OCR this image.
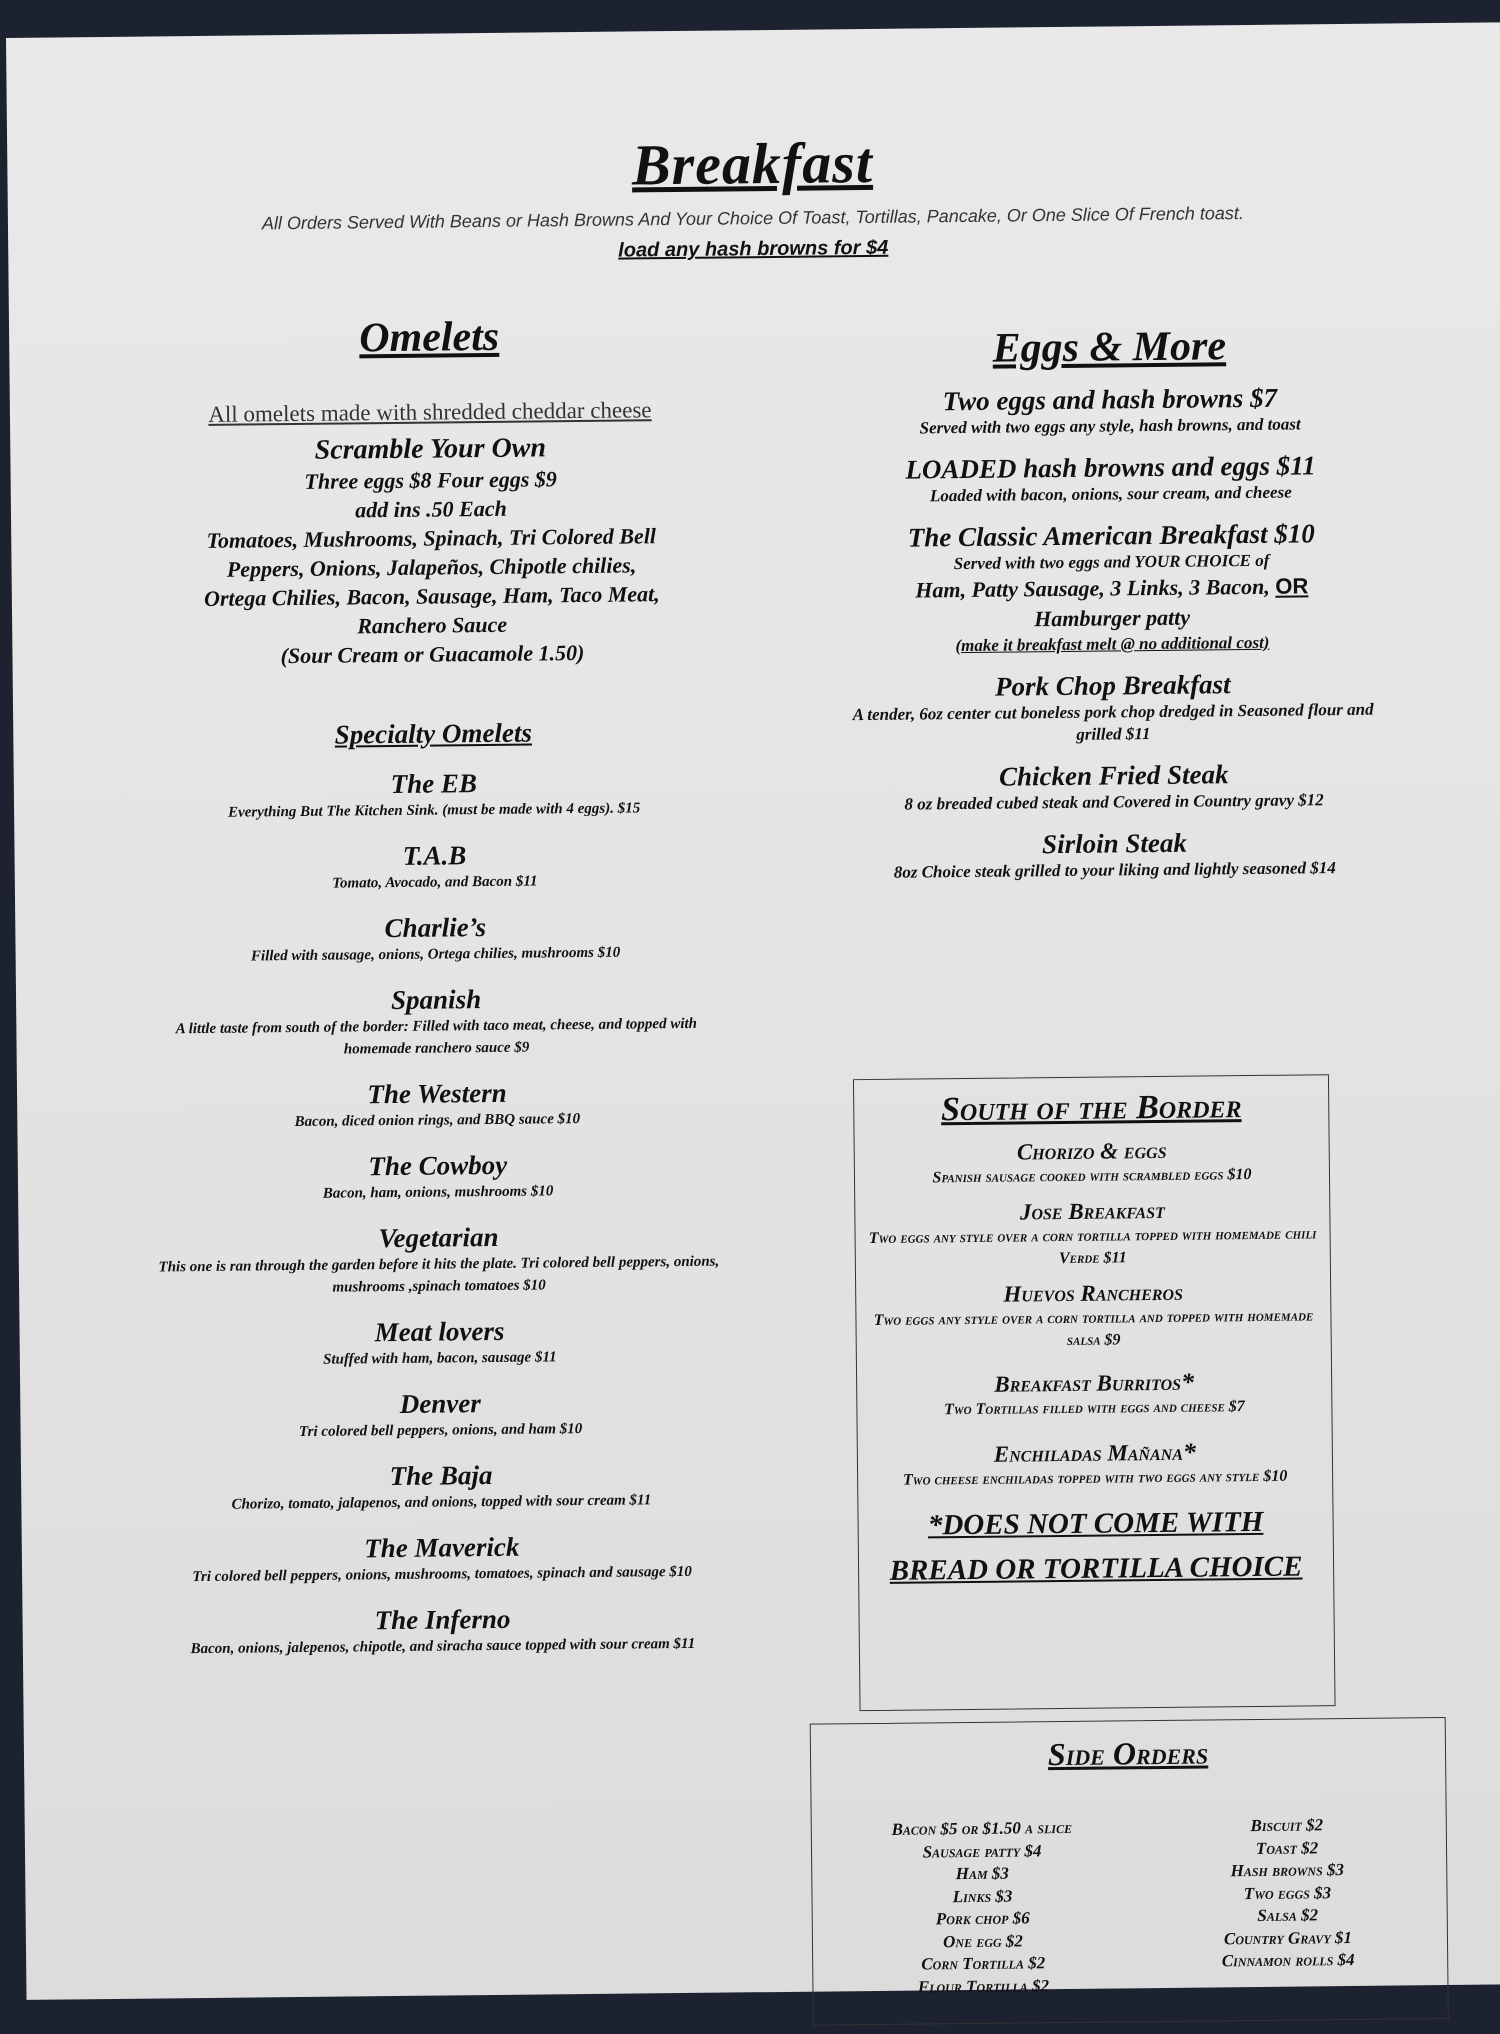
Breakfast
All Orders Served With Beans or Hash Browns And Your Choice Of Toast, Tortillas, Pancake, Or One Slice Of French toast.
load any hash browns for $4
Omelets
All omelets made with shredded cheddar cheese
Scramble Your Own
Three eggs $8 Four eggs $9
add ins .50 Each
Tomatoes, Mushrooms, Spinach, Tri Colored Bell
Peppers, Onions, Jalapeños, Chipotle chilies,
Ortega Chilies, Bacon, Sausage, Ham, Taco Meat,
Ranchero Sauce
(Sour Cream or Guacamole 1.50)
Specialty Omelets
The EB
Everything But The Kitchen Sink. (must be made with 4 eggs). $15
T.A.B
Tomato, Avocado, and Bacon $11
Charlie’s
Filled with sausage, onions, Ortega chilies, mushrooms $10
Spanish
A little taste from south of the border: Filled with taco meat, cheese, and topped with homemade ranchero sauce $9
The Western
Bacon, diced onion rings, and BBQ sauce $10
The Cowboy
Bacon, ham, onions, mushrooms $10
Vegetarian
This one is ran through the garden before it hits the plate. Tri colored bell peppers, onions, mushrooms ,spinach tomatoes $10
Meat lovers
Stuffed with ham, bacon, sausage $11
Denver
Tri colored bell peppers, onions, and ham $10
The Baja
Chorizo, tomato, jalapenos, and onions, topped with sour cream $11
The Maverick
Tri colored bell peppers, onions, mushrooms, tomatoes, spinach and sausage $10
The Inferno
Bacon, onions, jalepenos, chipotle, and siracha sauce topped with sour cream $11
Eggs & More
Two eggs and hash browns $7
Served with two eggs any style, hash browns, and toast
LOADED hash browns and eggs $11
Loaded with bacon, onions, sour cream, and cheese
The Classic American Breakfast $10
Served with two eggs and YOUR CHOICE of
Ham, Patty Sausage, 3 Links, 3 Bacon, OR
Hamburger patty
(make it breakfast melt @ no additional cost)
Pork Chop Breakfast
A tender, 6oz center cut boneless pork chop dredged in Seasoned flour and grilled $11
Chicken Fried Steak
8 oz breaded cubed steak and Covered in Country gravy $12
Sirloin Steak
8oz Choice steak grilled to your liking and lightly seasoned $14
South of the Border
Chorizo & eggs
Spanish sausage cooked with scrambled eggs $10
Jose Breakfast
Two eggs any style over a corn tortilla topped with homemade chili Verde $11
Huevos Rancheros
Two eggs any style over a corn tortilla and topped with homemade salsa $9
Breakfast Burritos*
Two Tortillas filled with eggs and cheese $7
Enchiladas Mañana*
Two cheese enchiladas topped with two eggs any style $10
*DOES NOT COME WITH BREAD OR TORTILLA CHOICE
Side Orders
Bacon $5 or $1.50 a slice
Sausage patty $4
Ham $3
Links $3
Pork chop $6
One egg $2
Corn Tortilla $2
Flour Tortilla $2
Biscuit $2
Toast $2
Hash browns $3
Two eggs $3
Salsa $2
Country Gravy $1
Cinnamon rolls $4
